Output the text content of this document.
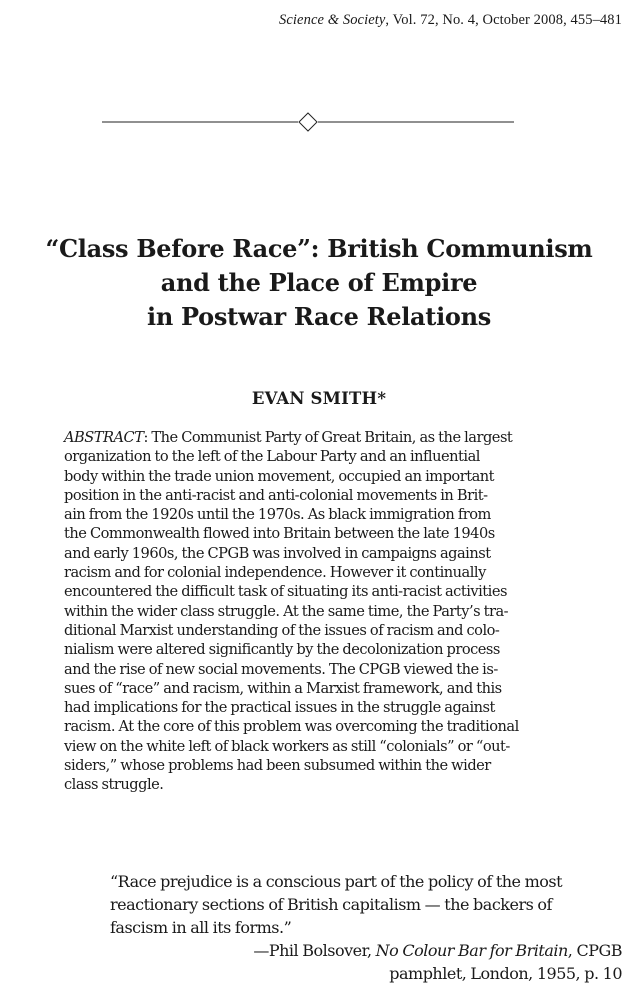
Science & Society, Vol. 72, No. 4, October 2008, 455–481
“Class Before Race”: British Communism
and the Place of Empire
in Postwar Race Relations
EVAN SMITH*
ABSTRACT: The Communist Party of Great Britain, as the largest
organization to the left of the Labour Party and an influential
body within the trade union movement, occupied an important
position in the anti-racist and anti-colonial movements in Brit-
ain from the 1920s until the 1970s. As black immigration from
the Commonwealth flowed into Britain between the late 1940s
and early 1960s, the CPGB was involved in campaigns against
racism and for colonial independence. However it continually
encountered the difficult task of situating its anti-racist activities
within the wider class struggle. At the same time, the Party’s tra-
ditional Marxist understanding of the issues of racism and colo-
nialism were altered significantly by the decolonization process
and the rise of new social movements. The CPGB viewed the is-
sues of “race” and racism, within a Marxist framework, and this
had implications for the practical issues in the struggle against
racism. At the core of this problem was overcoming the traditional
view on the white left of black workers as still “colonials” or “out-
siders,” whose problems had been subsumed within the wider
class struggle.
“Race prejudice is a conscious part of the policy of the most
reactionary sections of British capitalism — the backers of
fascism in all its forms.”
—Phil Bolsover, No Colour Bar for Britain, CPGB
pamphlet, London, 1955, p. 10
